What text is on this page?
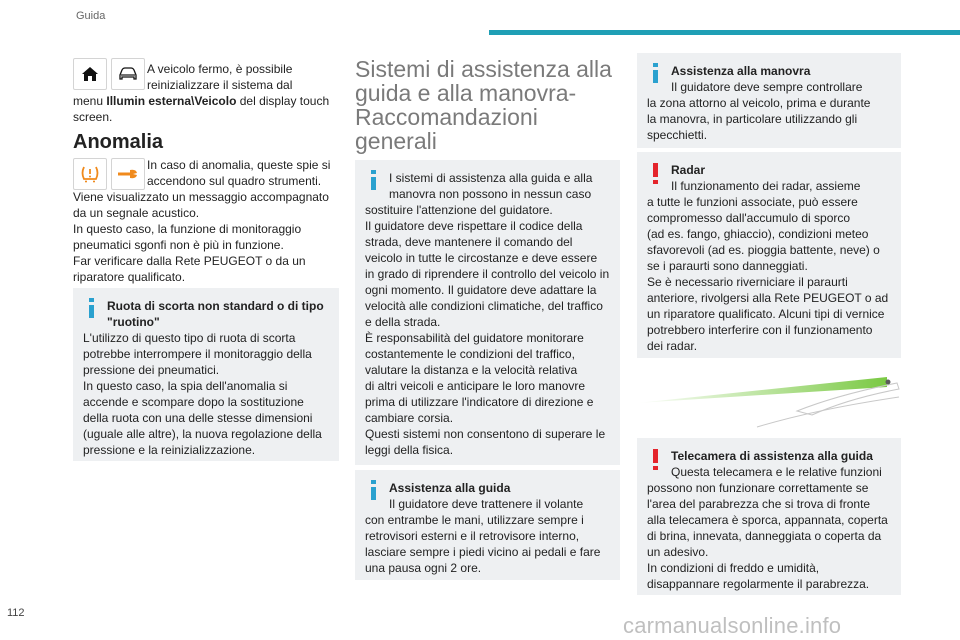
Guida
A veicolo fermo, è possibile
reinizializzare il sistema dal
menu Illumin esterna\Veicolo del display touch
screen.
Anomalia
In caso di anomalia, queste spie si
accendono sul quadro strumenti.
Viene visualizzato un messaggio accompagnato
da un segnale acustico.
In questo caso, la funzione di monitoraggio
pneumatici sgonfi non è più in funzione.
Far verificare dalla Rete PEUGEOT o da un
riparatore qualificato.
Ruota di scorta non standard o di tipo
"ruotino"
L'utilizzo di questo tipo di ruota di scorta
potrebbe interrompere il monitoraggio della
pressione dei pneumatici.
In questo caso, la spia dell'anomalia si
accende e scompare dopo la sostituzione
della ruota con una delle stesse dimensioni
(uguale alle altre), la nuova regolazione della
pressione e la reinizializzazione.
Sistemi di assistenza alla
guida e alla manovra-
Raccomandazioni
generali
I sistemi di assistenza alla guida e alla
manovra non possono in nessun caso
sostituire l'attenzione del guidatore.
Il guidatore deve rispettare il codice della
strada, deve mantenere il comando del
veicolo in tutte le circostanze e deve essere
in grado di riprendere il controllo del veicolo in
ogni momento. Il guidatore deve adattare la
velocità alle condizioni climatiche, del traffico
e della strada.
È responsabilità del guidatore monitorare
costantemente le condizioni del traffico,
valutare la distanza e la velocità relativa
di altri veicoli e anticipare le loro manovre
prima di utilizzare l'indicatore di direzione e
cambiare corsia.
Questi sistemi non consentono di superare le
leggi della fisica.
Assistenza alla guida
Il guidatore deve trattenere il volante
con entrambe le mani, utilizzare sempre i
retrovisori esterni e il retrovisore interno,
lasciare sempre i piedi vicino ai pedali e fare
una pausa ogni 2 ore.
Assistenza alla manovra
Il guidatore deve sempre controllare
la zona attorno al veicolo, prima e durante
la manovra, in particolare utilizzando gli
specchietti.
Radar
Il funzionamento dei radar, assieme
a tutte le funzioni associate, può essere
compromesso dall'accumulo di sporco
(ad es. fango, ghiaccio), condizioni meteo
sfavorevoli (ad es. pioggia battente, neve) o
se i paraurti sono danneggiati.
Se è necessario riverniciare il paraurti
anteriore, rivolgersi alla Rete PEUGEOT o ad
un riparatore qualificato. Alcuni tipi di vernice
potrebbero interferire con il funzionamento
dei radar.
Telecamera di assistenza alla guida
Questa telecamera e le relative funzioni
possono non funzionare correttamente se
l'area del parabrezza che si trova di fronte
alla telecamera è sporca, appannata, coperta
di brina, innevata, danneggiata o coperta da
un adesivo.
In condizioni di freddo e umidità,
disappannare regolarmente il parabrezza.
112	carmanualsonline.info
